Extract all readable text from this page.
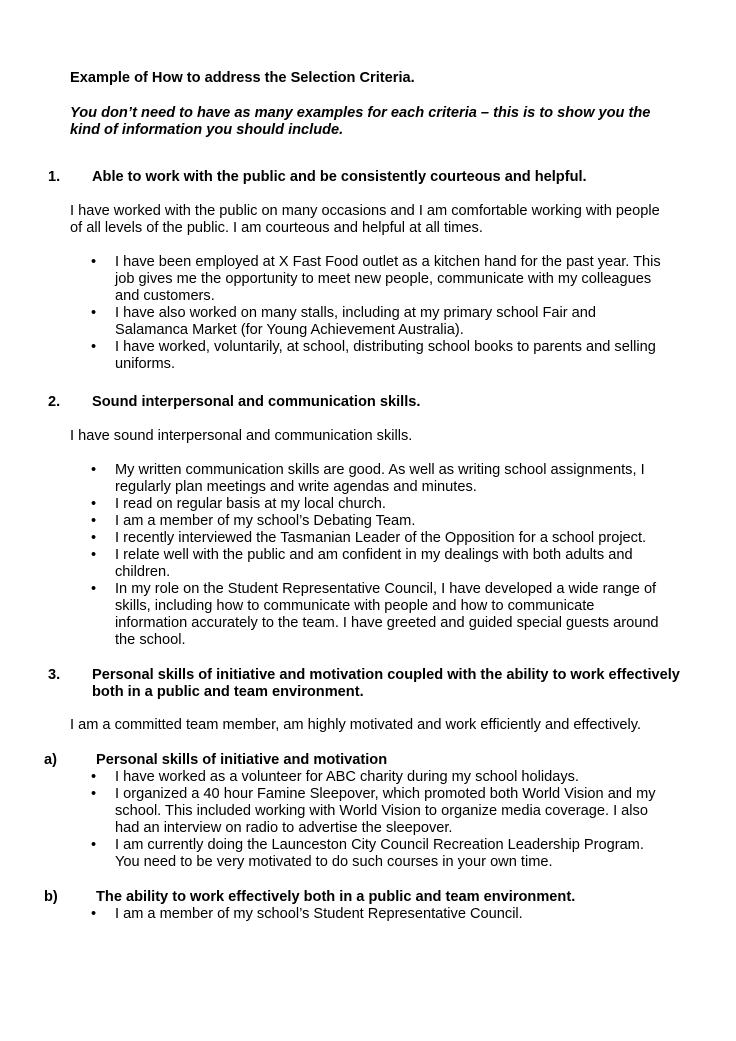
Example of How to address the Selection Criteria.

You don’t need to have as many examples for each criteria – this is to show you the kind of information you should include.

1. Able to work with the public and be consistently courteous and helpful.

I have worked with the public on many occasions and I am comfortable working with people of all levels of the public. I am courteous and helpful at all times.

• I have been employed at X Fast Food outlet as a kitchen hand for the past year. This job gives me the opportunity to meet new people, communicate with my colleagues and customers.
• I have also worked on many stalls, including at my primary school Fair and Salamanca Market (for Young Achievement Australia).
• I have worked, voluntarily, at school, distributing school books to parents and selling uniforms.

2. Sound interpersonal and communication skills.

I have sound interpersonal and communication skills.

• My written communication skills are good. As well as writing school assignments, I regularly plan meetings and write agendas and minutes.
• I read on regular basis at my local church.
• I am a member of my school’s Debating Team.
• I recently interviewed the Tasmanian Leader of the Opposition for a school project.
• I relate well with the public and am confident in my dealings with both adults and children.
• In my role on the Student Representative Council, I have developed a wide range of skills, including how to communicate with people and how to communicate information accurately to the team. I have greeted and guided special guests around the school.

3. Personal skills of initiative and motivation coupled with the ability to work effectively both in a public and team environment.

I am a committed team member, am highly motivated and work efficiently and effectively.

a)	Personal skills of initiative and motivation

• I have worked as a volunteer for ABC charity during my school holidays.
• I organized a 40 hour Famine Sleepover, which promoted both World Vision and my school. This included working with World Vision to organize media coverage. I also had an interview on radio to advertise the sleepover.
• I am currently doing the Launceston City Council Recreation Leadership Program. You need to be very motivated to do such courses in your own time.

b)	The ability to work effectively both in a public and team environment.

• I am a member of my school’s Student Representative Council.
